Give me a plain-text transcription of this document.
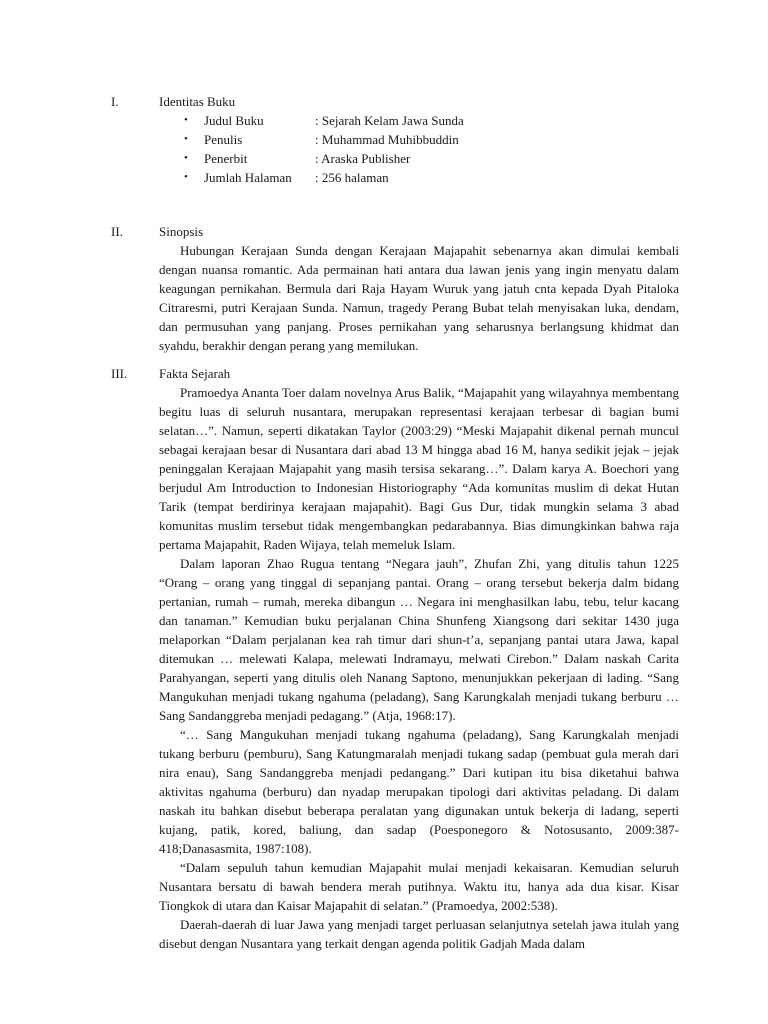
I.	Identitas Buku
• Judul Buku	: Sejarah Kelam Jawa Sunda
• Penulis	: Muhammad Muhibbuddin
• Penerbit	: Araska Publisher
• Jumlah Halaman : 256 halaman
II.	Sinopsis

Hubungan Kerajaan Sunda dengan Kerajaan Majapahit sebenarnya akan dimulai kembali dengan nuansa romantic. Ada permainan hati antara dua lawan jenis yang ingin menyatu dalam keagungan pernikahan. Bermula dari Raja Hayam Wuruk yang jatuh cnta kepada Dyah Pitaloka Citraresmi, putri Kerajaan Sunda. Namun, tragedy Perang Bubat telah menyisakan luka, dendam, dan permusuhan yang panjang. Proses pernikahan yang seharusnya berlangsung khidmat dan syahdu, berakhir dengan perang yang memilukan.

III. Fakta Sejarah

Pramoedya Ananta Toer dalam novelnya Arus Balik, “Majapahit yang wilayahnya membentang begitu luas di seluruh nusantara, merupakan representasi kerajaan terbesar di bagian bumi selatan…”. Namun, seperti dikatakan Taylor (2003:29) “Meski Majapahit dikenal pernah muncul sebagai kerajaan besar di Nusantara dari abad 13 M hingga abad 16 M, hanya sedikit jejak – jejak peninggalan Kerajaan Majapahit yang masih tersisa sekarang…”. Dalam karya A. Boechori yang berjudul Am Introduction to Indonesian Historiography “Ada komunitas muslim di dekat Hutan Tarik (tempat berdirinya kerajaan majapahit). Bagi Gus Dur, tidak mungkin selama 3 abad komunitas muslim tersebut tidak mengembangkan pedarabannya. Bias dimungkinkan bahwa raja pertama Majapahit, Raden Wijaya, telah memeluk Islam.

Dalam laporan Zhao Rugua tentang “Negara jauh”, Zhufan Zhi, yang ditulis tahun 1225 “Orang – orang yang tinggal di sepanjang pantai. Orang – orang tersebut bekerja dalm bidang pertanian, rumah – rumah, mereka dibangun … Negara ini menghasilkan labu, tebu, telur kacang dan tanaman.” Kemudian buku perjalanan China Shunfeng Xiangsong dari sekitar 1430 juga melaporkan “Dalam perjalanan kea rah timur dari shun-t’a, sepanjang pantai utara Jawa, kapal ditemukan … melewati Kalapa, melewati Indramayu, melwati Cirebon.” Dalam naskah Carita Parahyangan, seperti yang ditulis oleh Nanang Saptono, menunjukkan pekerjaan di lading. “Sang Mangukuhan menjadi tukang ngahuma (peladang), Sang Karungkalah menjadi tukang berburu … Sang Sandanggreba menjadi pedagang.” (Atja, 1968:17).

“… Sang Mangukuhan menjadi tukang ngahuma (peladang), Sang Karungkalah menjadi tukang berburu (pemburu), Sang Katungmaralah menjadi tukang sadap (pembuat gula merah dari nira enau), Sang Sandanggreba menjadi pedangang.” Dari kutipan itu bisa diketahui bahwa aktivitas ngahuma (berburu) dan nyadap merupakan tipologi dari aktivitas peladang. Di dalam naskah itu bahkan disebut beberapa peralatan yang digunakan untuk bekerja di ladang, seperti kujang, patik, kored, baliung, dan sadap (Poesponegoro & Notosusanto, 2009:387-418;Danasasmita, 1987:108).

“Dalam sepuluh tahun kemudian Majapahit mulai menjadi kekaisaran. Kemudian seluruh Nusantara bersatu di bawah bendera merah putihnya. Waktu itu, hanya ada dua kisar. Kisar Tiongkok di utara dan Kaisar Majapahit di selatan.” (Pramoedya, 2002:538).

Daerah-daerah di luar Jawa yang menjadi target perluasan selanjutnya setelah jawa itulah yang disebut dengan Nusantara yang terkait dengan agenda politik Gadjah Mada dalam
